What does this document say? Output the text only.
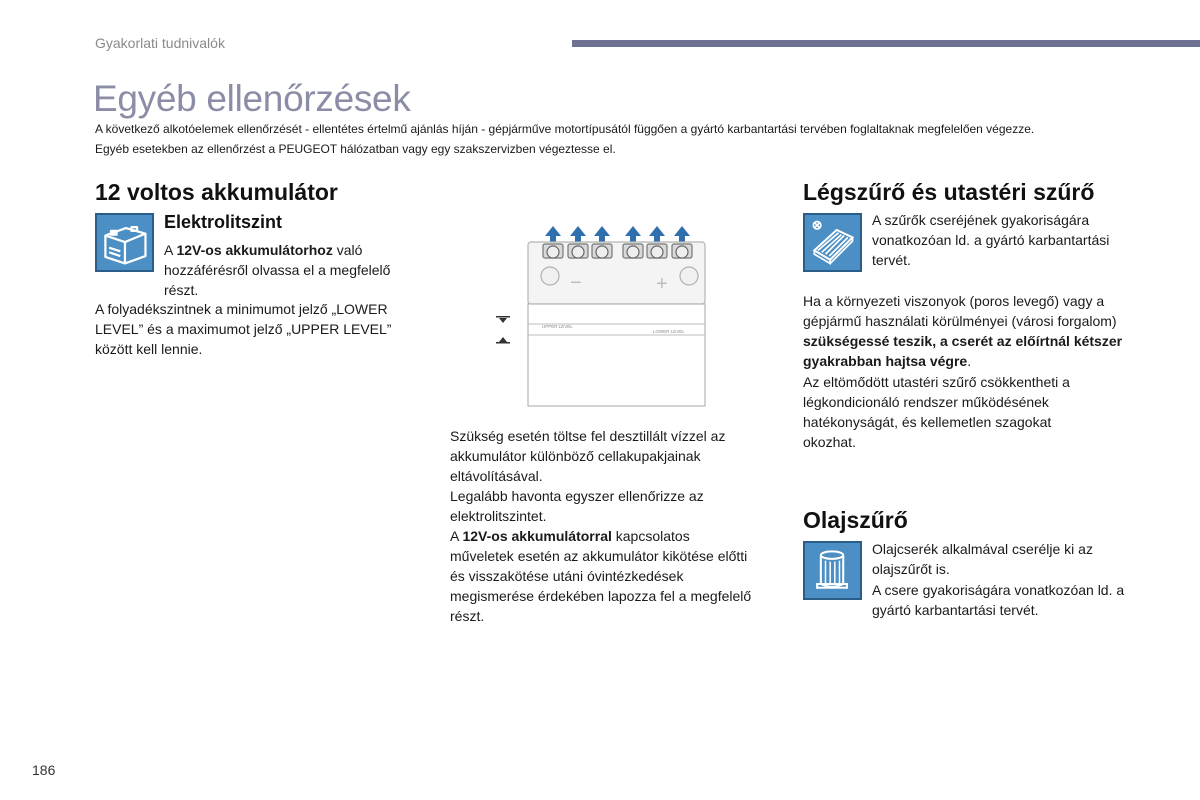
Gyakorlati tudnivalók
Egyéb ellenőrzések
A következő alkotóelemek ellenőrzését - ellentétes értelmű ajánlás híján - gépjárműve motortípusától függően a gyártó karbantartási tervében foglaltaknak megfelelően végezze.
Egyéb esetekben az ellenőrzést a PEUGEOT hálózatban vagy egy szakszervizben végeztesse el.
12 voltos akkumulátor
Elektrolitszint
A 12V-os akkumulátorhoz való hozzáférésről olvassa el a megfelelő részt.
A folyadékszintnek a minimumot jelző „LOWER LEVEL” és a maximumot jelző „UPPER LEVEL” között kell lennie.
−	+
UPPER LEVEL
LOWER LEVEL
Szükség esetén töltse fel desztillált vízzel az akkumulátor különböző cellakupakjainak eltávolításával.
Legalább havonta egyszer ellenőrizze az elektrolitszintet.
A 12V-os akkumulátorral kapcsolatos műveletek esetén az akkumulátor kikötése előtti és visszakötése utáni óvintézkedések megismerése érdekében lapozza fel a megfelelő részt.
Légszűrő és utastéri szűrő
A szűrők cseréjének gyakoriságára vonatkozóan ld. a gyártó karbantartási tervét.
Ha a környezeti viszonyok (poros levegő) vagy a gépjármű használati körülményei (városi forgalom) szükségessé teszik, a cserét az előírtnál kétszer gyakrabban hajtsa végre.
Az eltömődött utastéri szűrő csökkentheti a légkondicionáló rendszer működésének hatékonyságát, és kellemetlen szagokat okozhat.
Olajszűrő
Olajcserék alkalmával cserélje ki az olajszűrőt is.
A csere gyakoriságára vonatkozóan ld. a gyártó karbantartási tervét.
186
